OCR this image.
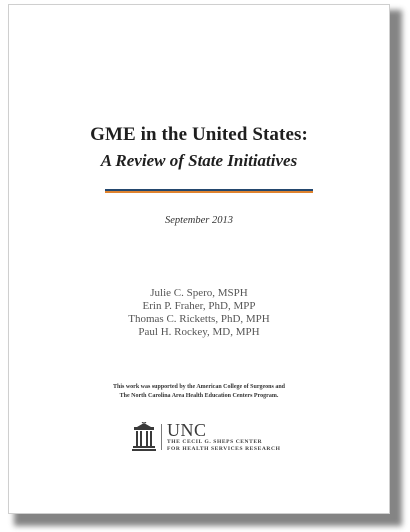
GME in the United States:
A Review of State Initiatives
September 2013
Julie C. Spero, MSPH
Erin P. Fraher, PhD, MPP
Thomas C. Ricketts, PhD, MPH
Paul H. Rockey, MD, MPH
This work was supported by the American College of Surgeons and
The North Carolina Area Health Education Centers Program.
UNC
THE CECIL G. SHEPS CENTER
FOR HEALTH SERVICES RESEARCH
